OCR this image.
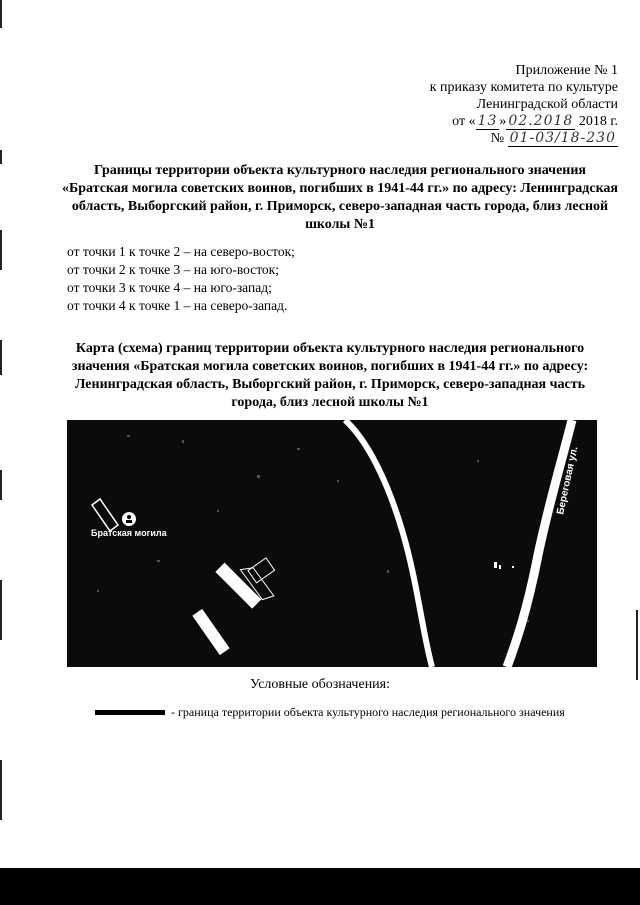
Приложение № 1
к приказу комитета по культуре
Ленинградской области
от « 13 » 02.2018 2018 г.
№ 01-03/18-230
Границы территории объекта культурного наследия регионального значения «Братская могила советских воинов, погибших в 1941-44 гг.» по адресу: Ленинградская область, Выборгский район, г. Приморск, северо-западная часть города, близ лесной школы №1
от точки 1 к точке 2 – на северо-восток;
от точки 2 к точке 3 – на юго-восток;
от точки 3 к точке 4 – на юго-запад;
от точки 4 к точке 1 – на северо-запад.
Карта (схема) границ территории объекта культурного наследия регионального значения «Братская могила советских воинов, погибших в 1941-44 гг.» по адресу: Ленинградская область, Выборгский район, г. Приморск, северо-западная часть города, близ лесной школы №1
Братская могила
Береговая ул.
Условные обозначения:
- граница территории объекта культурного наследия регионального значения
